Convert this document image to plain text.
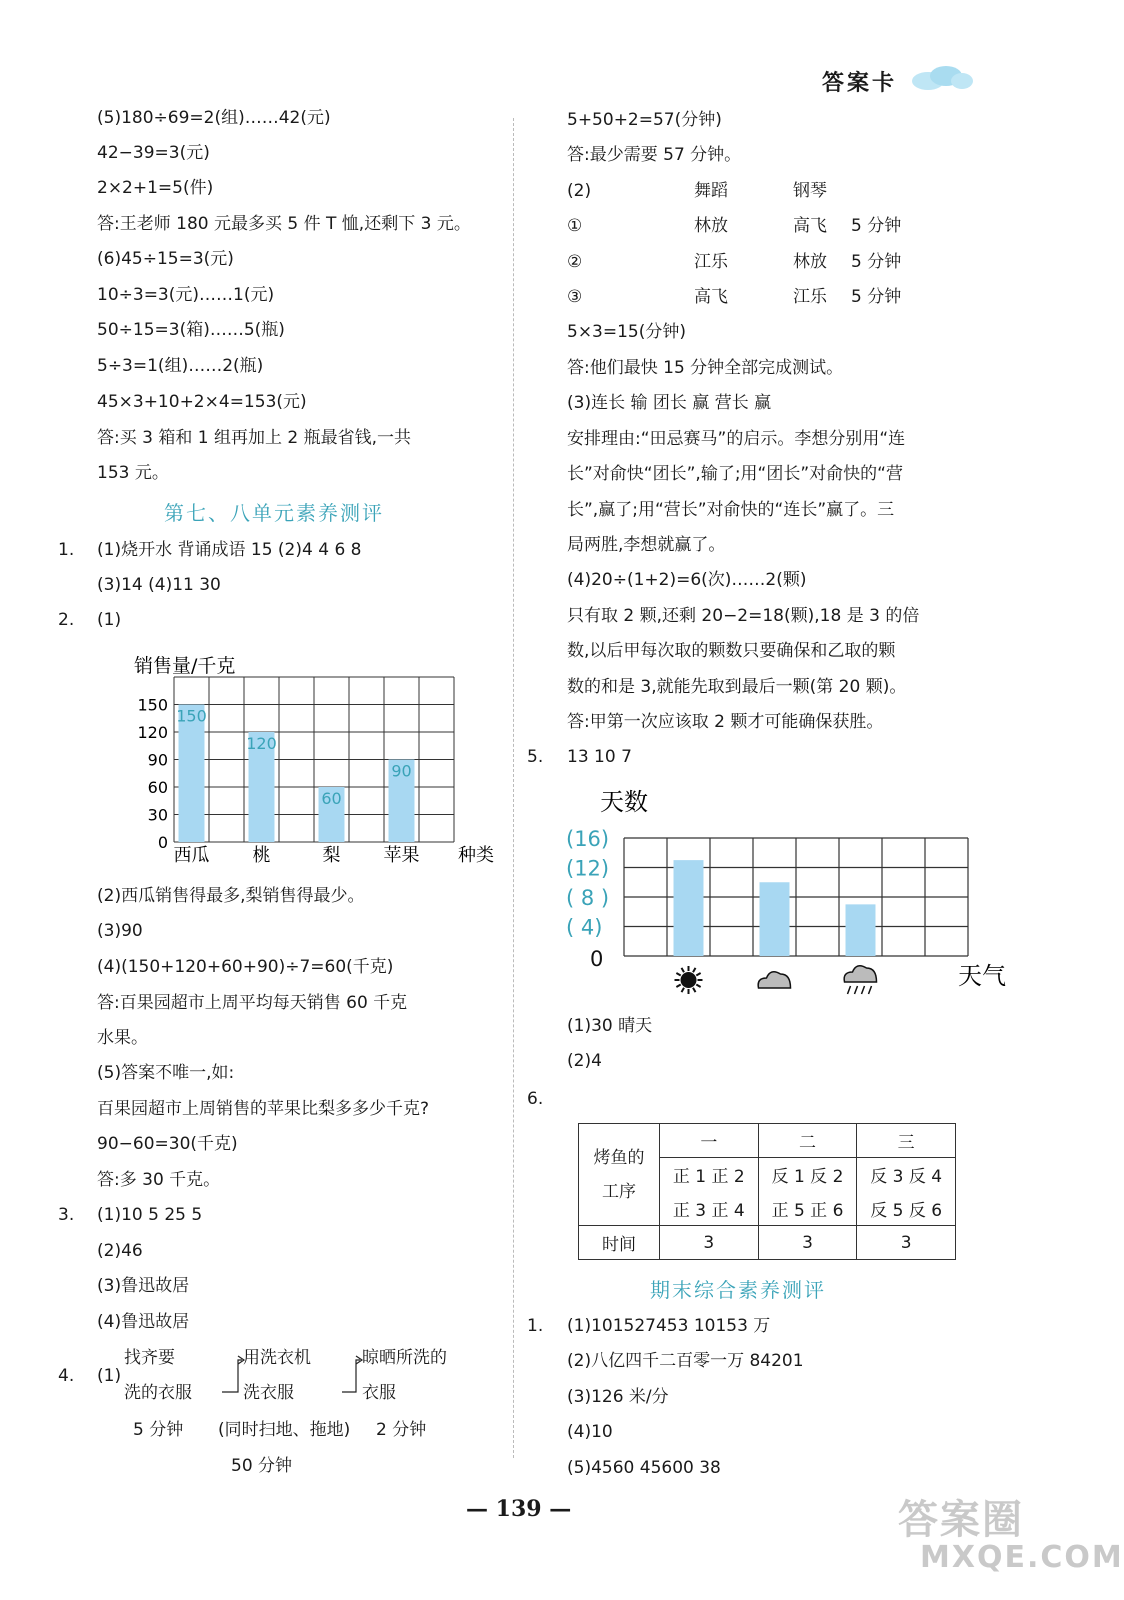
答案卡
(5)180÷69=2(组)……42(元)
42−39=3(元)
2×2+1=5(件)
答:王老师 180 元最多买 5 件 T 恤,还剩下 3 元。
(6)45÷15=3(元)
10÷3=3(元)……1(元)
50÷15=3(箱)……5(瓶)
5÷3=1(组)……2(瓶)
45×3+10+2×4=153(元)
答:买 3 箱和 1 组再加上 2 瓶最省钱,一共
153 元。
第七、八单元素养测评
1. (1)烧开水 背诵成语 15 (2)4 4 6 8
(3)14 (4)11 30
2. (1)
销售量/千克
0
30
60
90
120
150
150
西瓜
120
桃
60
梨
90
苹果 种类
(2)西瓜销售得最多,梨销售得最少。
(3)90
(4)(150+120+60+90)÷7=60(千克)
答:百果园超市上周平均每天销售 60 千克
水果。
(5)答案不唯一,如:
百果园超市上周销售的苹果比梨多多少千克?
90−60=30(千克)
答:多 30 千克。
3. (1)10 5 25 5
(2)46
(3)鲁迅故居
(4)鲁迅故居
4. (1)
找齐要
洗的衣服
用洗衣机
洗衣服
晾晒所洗的
衣服
5 分钟 (同时扫地、拖地) 2 分钟
50 分钟
5+50+2=57(分钟)
答:最少需要 57 分钟。
(2)	舞蹈	钢琴
①	林放	高飞 5 分钟
②	江乐	林放 5 分钟
③	高飞	江乐 5 分钟
5×3=15(分钟)
答:他们最快 15 分钟全部完成测试。
(3)连长 输 团长 赢 营长 赢
安排理由:“田忌赛马”的启示。李想分别用“连
长”对俞快“团长”,输了;用“团长”对俞快的“营
长”,赢了;用“营长”对俞快的“连长”赢了。三
局两胜,李想就赢了。
(4)20÷(1+2)=6(次)……2(颗)
只有取 2 颗,还剩 20−2=18(颗),18 是 3 的倍
数,以后甲每次取的颗数只要确保和乙取的颗
数的和是 3,就能先取到最后一颗(第 20 颗)。
答:甲第一次应该取 2 颗才可能确保获胜。
5. 13 10 7
天数
0
( 4)
( 8 )
(12)
(16)
天气
(1)30 晴天
(2)4
6.
烤鱼的
工序	一	二	三
	正 1 正 2	反 1 反 2	反 3 反 4
	正 3 正 4	正 5 正 6	反 5 反 6
时间	3	3	3
期末综合素养测评
1. (1)101527453 10153 万
(2)八亿四千二百零一万 84201
(3)126 米/分
(4)10
(5)4560 45600 38
— 139 —	答案圈
MXQE.COM
